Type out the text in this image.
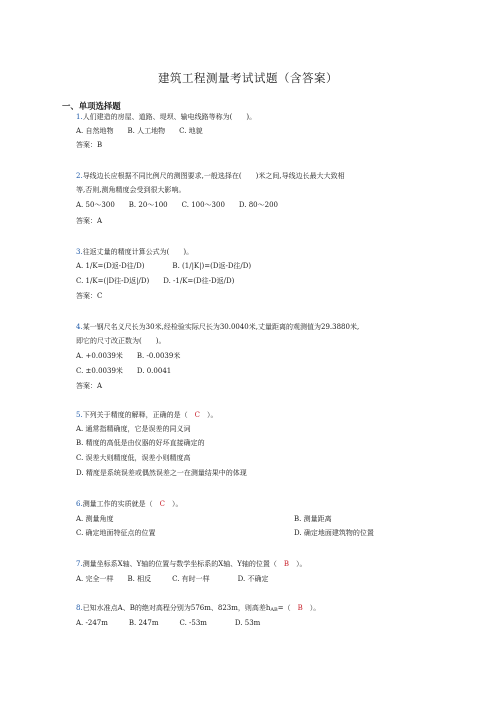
建筑工程测量考试试题（含答案）
一、单项选择题
1.人们建造的房屋、道路、堤坝、输电线路等称为(　　)。
A. 自然地物　　B. 人工地物　　C. 地貌
答案：B
2.导线边长应根据不同比例尺的测图要求,一般选择在(　　)米之间,导线边长最大大致相
等,否则,测角精度会受到很大影响。
A. 50～300　　B. 20～100　　C. 100～300　　D. 80～200
答案：A
3.往返丈量的精度计算公式为(　　)。
A. 1/K=(D返-D往/D)　　　　B. (1/|K|)=(D返-D往/D)
C. 1/K=(|D往-D返|/D)　　D. -1/K=(D往-D返/D)
答案：C
4.某一钢尺名义尺长为30米,经检验实际尺长为30.0040米,丈量距离的观测值为29.3880米,
即它的尺寸改正数为(　　)。
A. +0.0039米　　B. -0.0039米
C. ±0.0039米　　D. 0.0041
答案：A
5.下列关于精度的解释，正确的是（　C　）。
A. 通常指精确度，它是误差的同义词
B. 精度的高低是由仪器的好坏直接确定的
C. 误差大则精度低，误差小则精度高
D. 精度是系统误差或偶然误差之一在测量结果中的体现
6.测量工作的实质就是（　C　）。
A. 测量角度	B. 测量距离
C. 确定地面特征点的位置	D. 确定地面建筑物的位置
7.测量坐标系X轴、Y轴的位置与数学坐标系的X轴、Y轴的位置（　B　）。
A. 完全一样　　B. 相反　　　C. 有时一样　　　　D. 不确定
8.已知水准点A、B的绝对高程分别为576m、823m，则高差$h_{AB}=$（　B　）。
A. -247m　　　B. 247m　　　C. -53m　　　　D. 53m
